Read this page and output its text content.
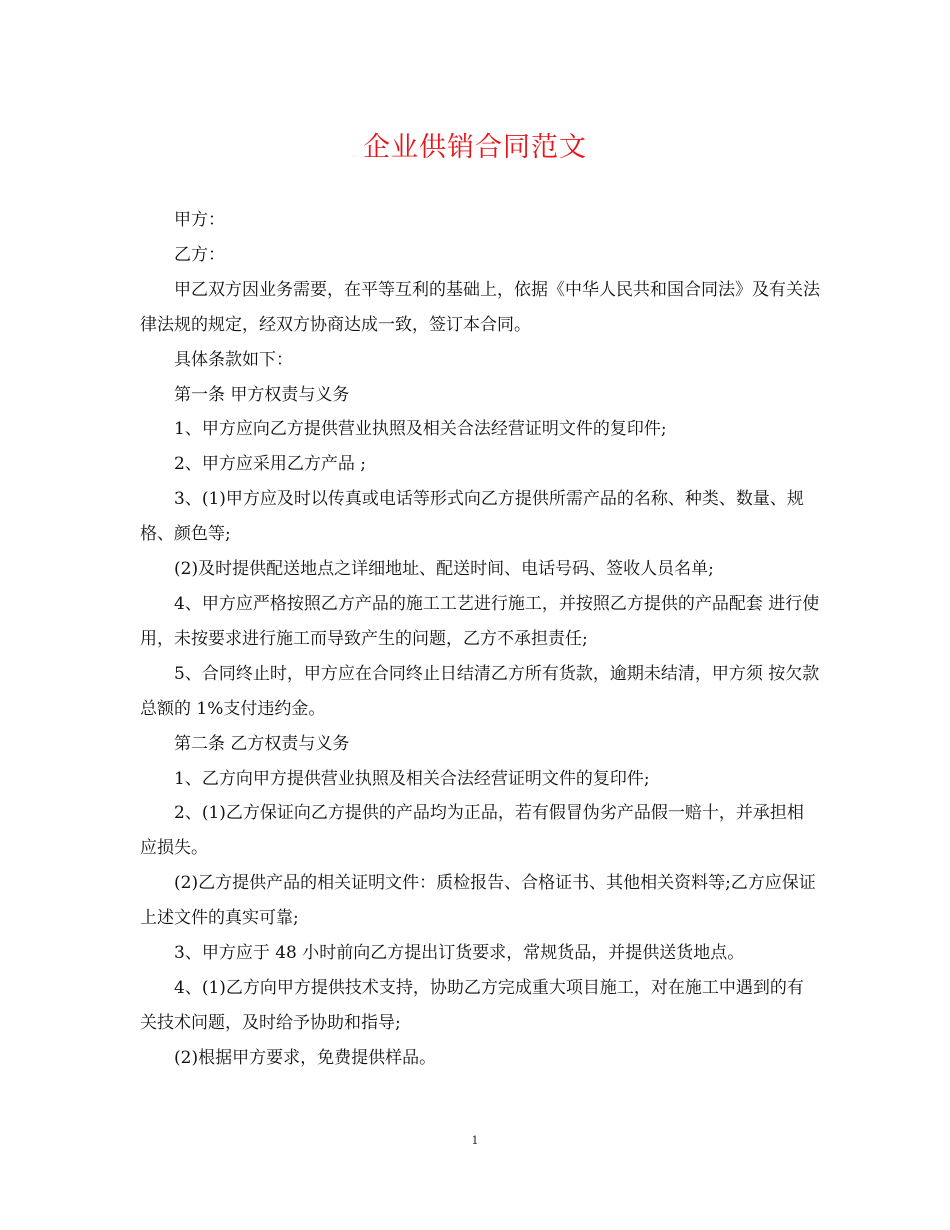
企业供销合同范文

甲方：

乙方：

甲乙双方因业务需要，在平等互利的基础上，依据《中华人民共和国合同法》及有关法律法规的规定，经双方协商达成一致，签订本合同。

具体条款如下：

第一条 甲方权责与义务

1、甲方应向乙方提供营业执照及相关合法经营证明文件的复印件;

2、甲方应采用乙方产品 ;

3、(1)甲方应及时以传真或电话等形式向乙方提供所需产品的名称、种类、数量、规格、颜色等;

(2)及时提供配送地点之详细地址、配送时间、电话号码、签收人员名单;

4、甲方应严格按照乙方产品的施工工艺进行施工，并按照乙方提供的产品配套 进行使用，未按要求进行施工而导致产生的问题，乙方不承担责任;

5、合同终止时，甲方应在合同终止日结清乙方所有货款，逾期未结清，甲方须 按欠款总额的 1%支付违约金。

第二条 乙方权责与义务

1、乙方向甲方提供营业执照及相关合法经营证明文件的复印件;

2、(1)乙方保证向乙方提供的产品均为正品，若有假冒伪劣产品假一赔十，并承担相应损失。

(2)乙方提供产品的相关证明文件：质检报告、合格证书、其他相关资料等;乙方应保证上述文件的真实可靠;

3、甲方应于 48 小时前向乙方提出订货要求，常规货品，并提供送货地点。

4、(1)乙方向甲方提供技术支持，协助乙方完成重大项目施工，对在施工中遇到的有关技术问题，及时给予协助和指导;

(2)根据甲方要求，免费提供样品。

1
